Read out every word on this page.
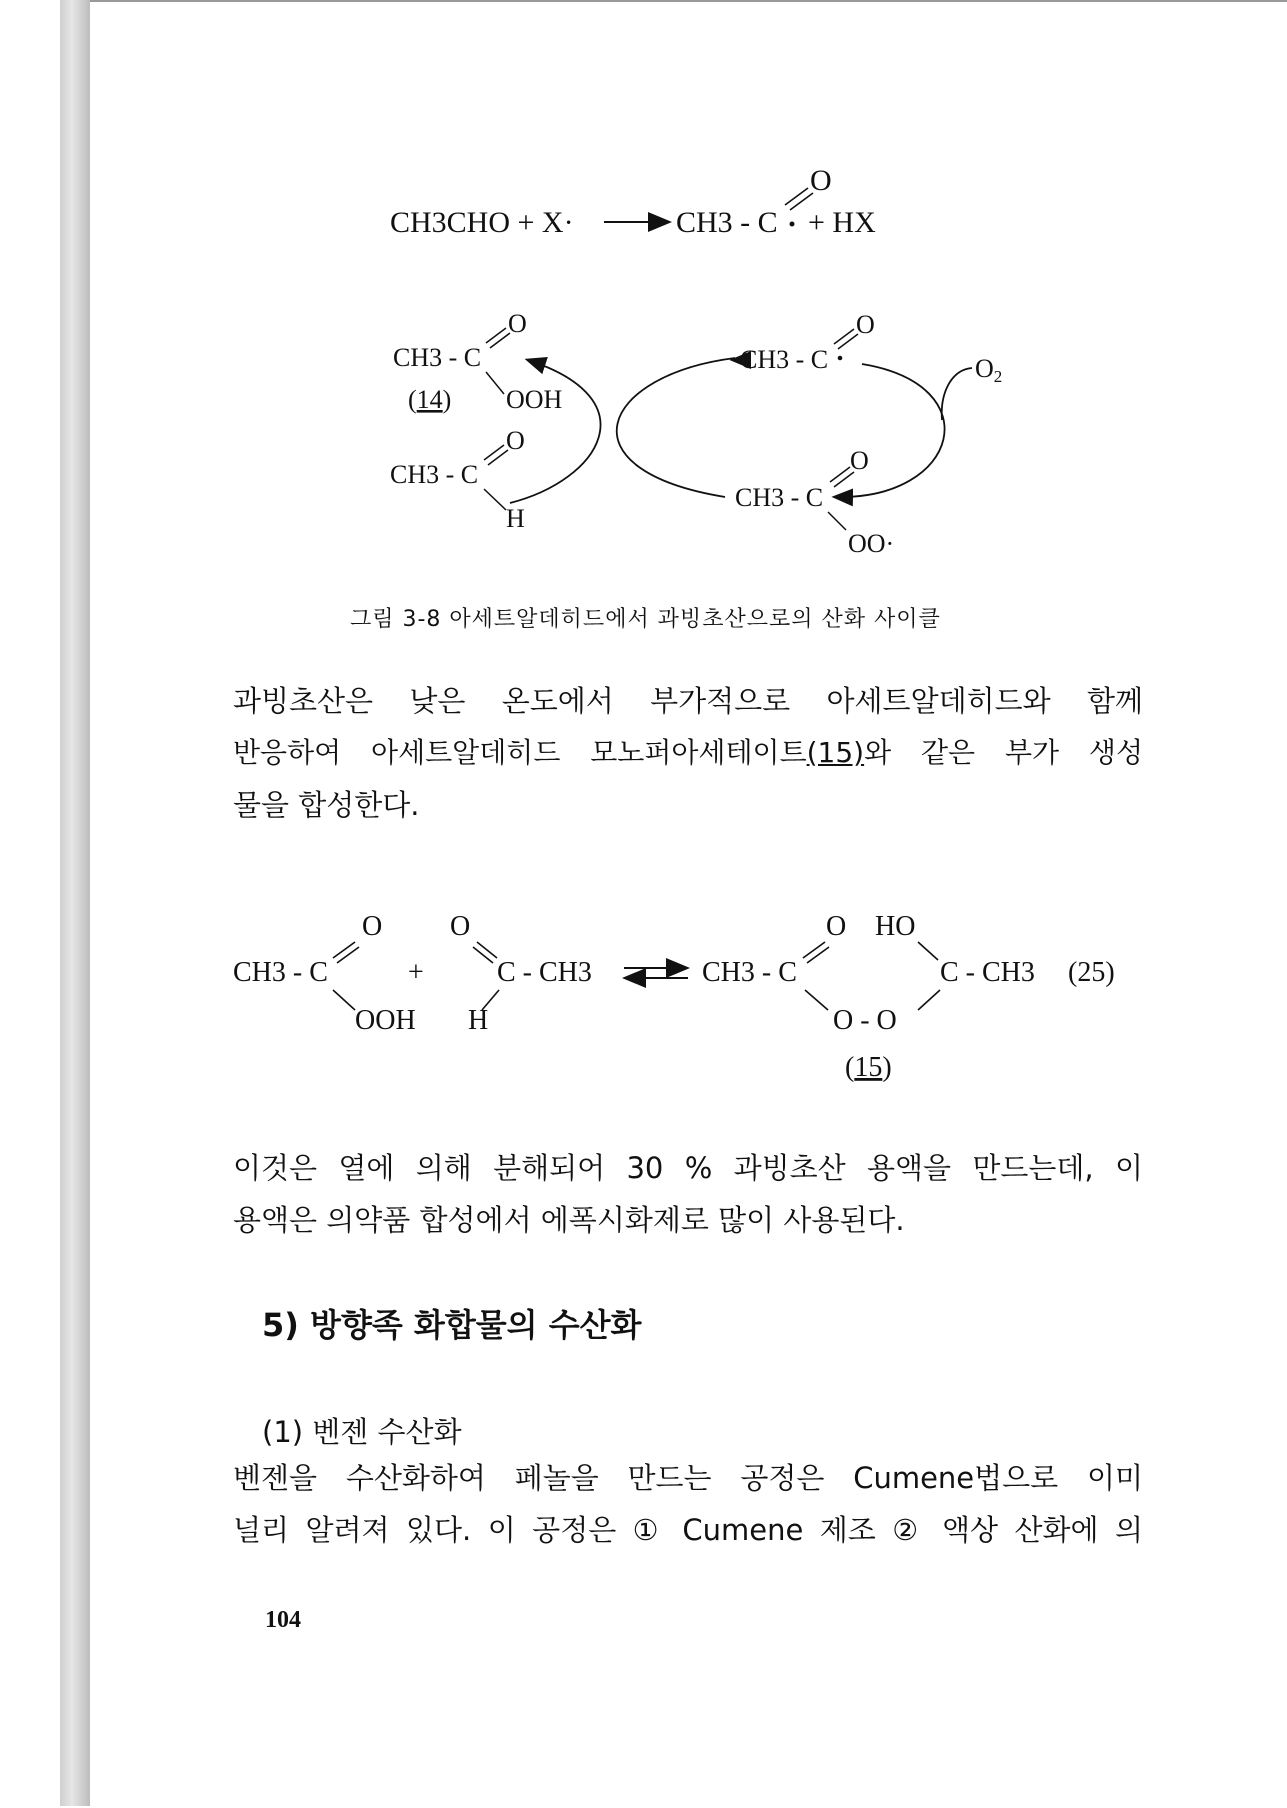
CH3CHO + X·	CH3 - C
O
+ HX
CH3 - C
O
OOH
(14)
CH3 - C
O
H
CH3 - C
O
CH3 - C
O
OO·
O2
CH3 - C
O
OOH
+
O
C - CH3
H
CH3 - C
O HO
C - CH3
O - O
(15)
(25)
그림 3-8 아세트알데히드에서 과빙초산으로의 산화 사이클

과빙초산은 낮은 온도에서 부가적으로 아세트알데히드와 함께

반응하여 아세트알데히드 모노퍼아세테이트(15)와 같은 부가 생성

물을 합성한다.

이것은 열에 의해 분해되어 30 % 과빙초산 용액을 만드는데, 이

용액은 의약품 합성에서 에폭시화제로 많이 사용된다.

5) 방향족 화합물의 수산화
(1) 벤젠 수산화

벤젠을 수산화하여 페놀을 만드는 공정은 Cumene법으로 이미

널리 알려져 있다. 이 공정은 ① Cumene 제조 ② 액상 산화에 의

104
